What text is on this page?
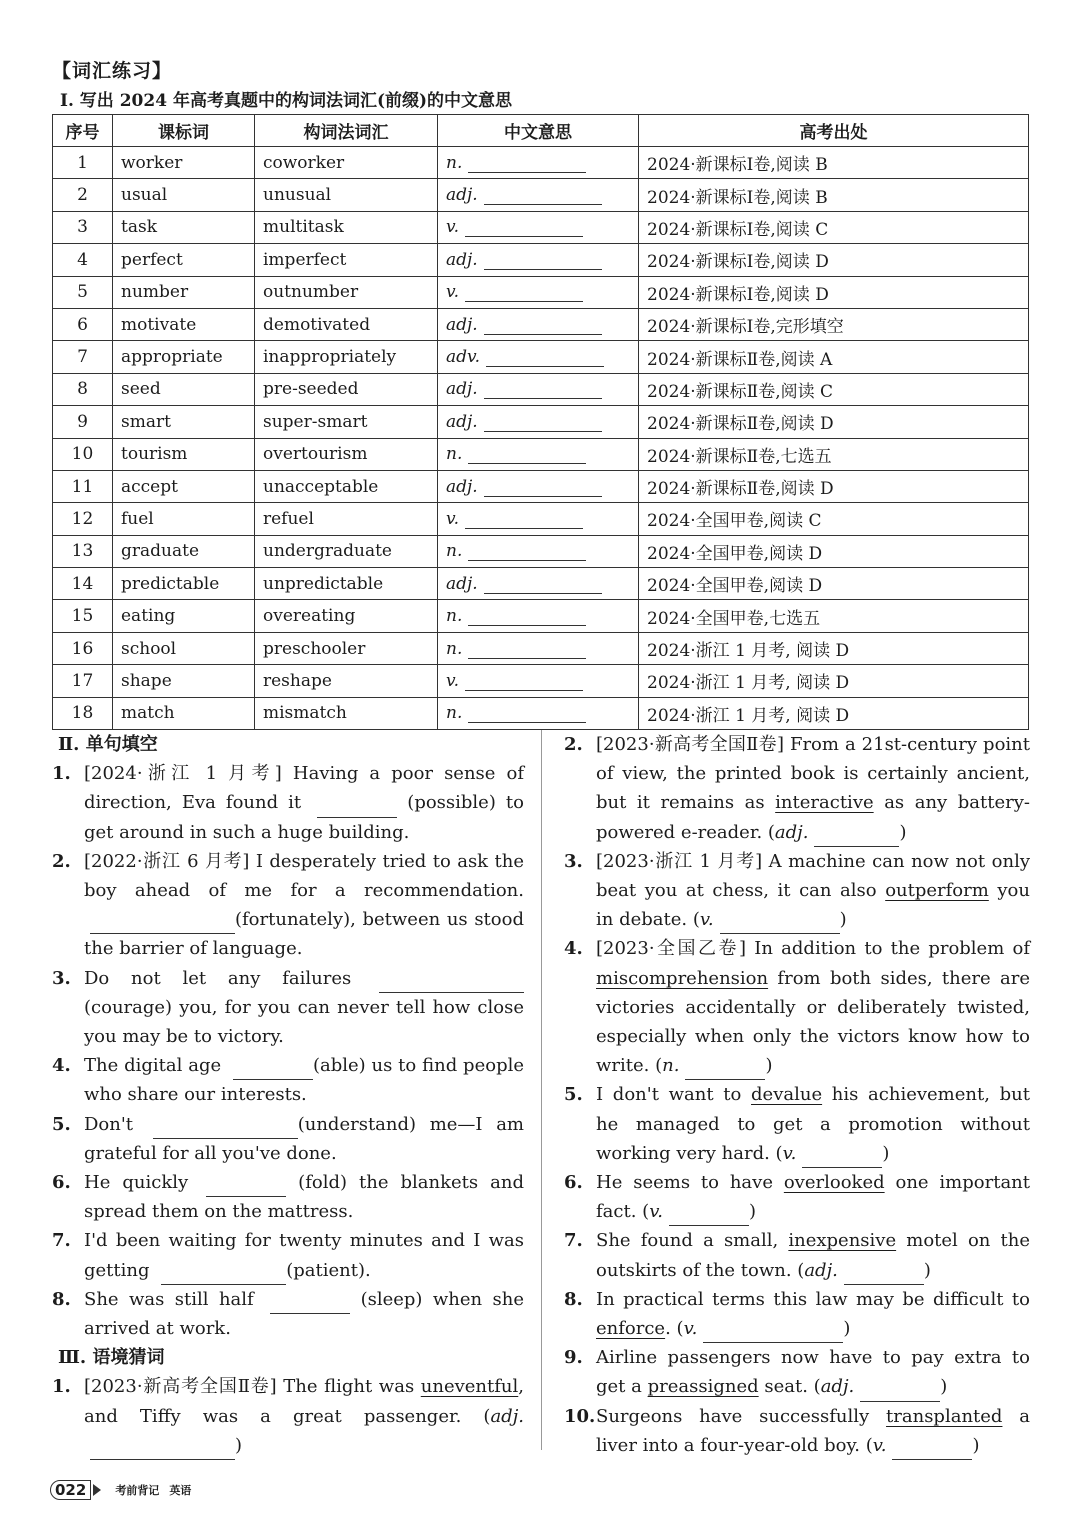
【词汇练习】
Ⅰ. 写出 2024 年高考真题中的构词法词汇(前缀)的中文意思
序号	课标词	构词法词汇	中文意思	高考出处
1	worker	coworker	n.	2024·新课标Ⅰ卷,阅读 B
2	usual	unusual	adj.	2024·新课标Ⅰ卷,阅读 B
3	task	multitask	v.	2024·新课标Ⅰ卷,阅读 C
4	perfect	imperfect	adj.	2024·新课标Ⅰ卷,阅读 D
5	number	outnumber	v.	2024·新课标Ⅰ卷,阅读 D
6	motivate	demotivated	adj.	2024·新课标Ⅰ卷,完形填空
7	appropriate	inappropriately	adv.	2024·新课标Ⅱ卷,阅读 A
8	seed	pre-seeded	adj.	2024·新课标Ⅱ卷,阅读 C
9	smart	super-smart	adj.	2024·新课标Ⅱ卷,阅读 D
10	tourism	overtourism	n.	2024·新课标Ⅱ卷,七选五
11	accept	unacceptable	adj.	2024·新课标Ⅱ卷,阅读 D
12	fuel	refuel	v.	2024·全国甲卷,阅读 C
13	graduate	undergraduate	n.	2024·全国甲卷,阅读 D
14	predictable	unpredictable	adj.	2024·全国甲卷,阅读 D
15	eating	overeating	n.	2024·全国甲卷,七选五
16	school	preschooler	n.	2024·浙江 1 月考, 阅读 D
17	shape	reshape	v.	2024·浙江 1 月考, 阅读 D
18	match	mismatch	n.	2024·浙江 1 月考, 阅读 D
Ⅱ. 单句填空
1. [2024·浙江 1 月考] Having a poor sense of direction, Eva found it	(possible) to get around in such a huge building.
2. [2022·浙江 6 月考] I desperately tried to ask the boy ahead of me for a recommendation. (fortunately), between us stood the barrier of language.
3. Do not let any failures  (courage) you, for you can never tell how close you may be to victory.
4. The digital age	(able) us to find people who share our interests.
5. Don't	(understand) me—I am grateful for all you've done.
6. He quickly	(fold) the blankets and spread them on the mattress.
7. I'd been waiting for twenty minutes and I was getting	(patient).
8. She was still half	(sleep) when she arrived at work.
Ⅲ. 语境猜词
1. [2023·新高考全国Ⅱ卷] The flight was uneventful, and Tiffy was a great passenger. (adj.)
2. [2023·新高考全国Ⅱ卷] From a 21st-century point of view, the printed book is certainly ancient, but it remains as interactive as any battery-powered e-reader. (adj.	)
3. [2023·浙江 1 月考] A machine can now not only beat you at chess, it can also outperform you in debate. (v.	)
4. [2023·全国乙卷] In addition to the problem of miscomprehension from both sides, there are victories accidentally or deliberately twisted, especially when only the victors know how to write. (n.	)
5. I don't want to devalue his achievement, but he managed to get a promotion without working very hard. (v.	)
6. He seems to have overlooked one important fact. (v.	)
7. She found a small, inexpensive motel on the outskirts of the town. (adj.	)
8. In practical terms this law may be difficult to enforce. (v.	)
9. Airline passengers now have to pay extra to get a preassigned seat. (adj.	)
10. Surgeons have successfully transplanted a liver into a four-year-old boy. (v.	)
022	考前背记 英语
